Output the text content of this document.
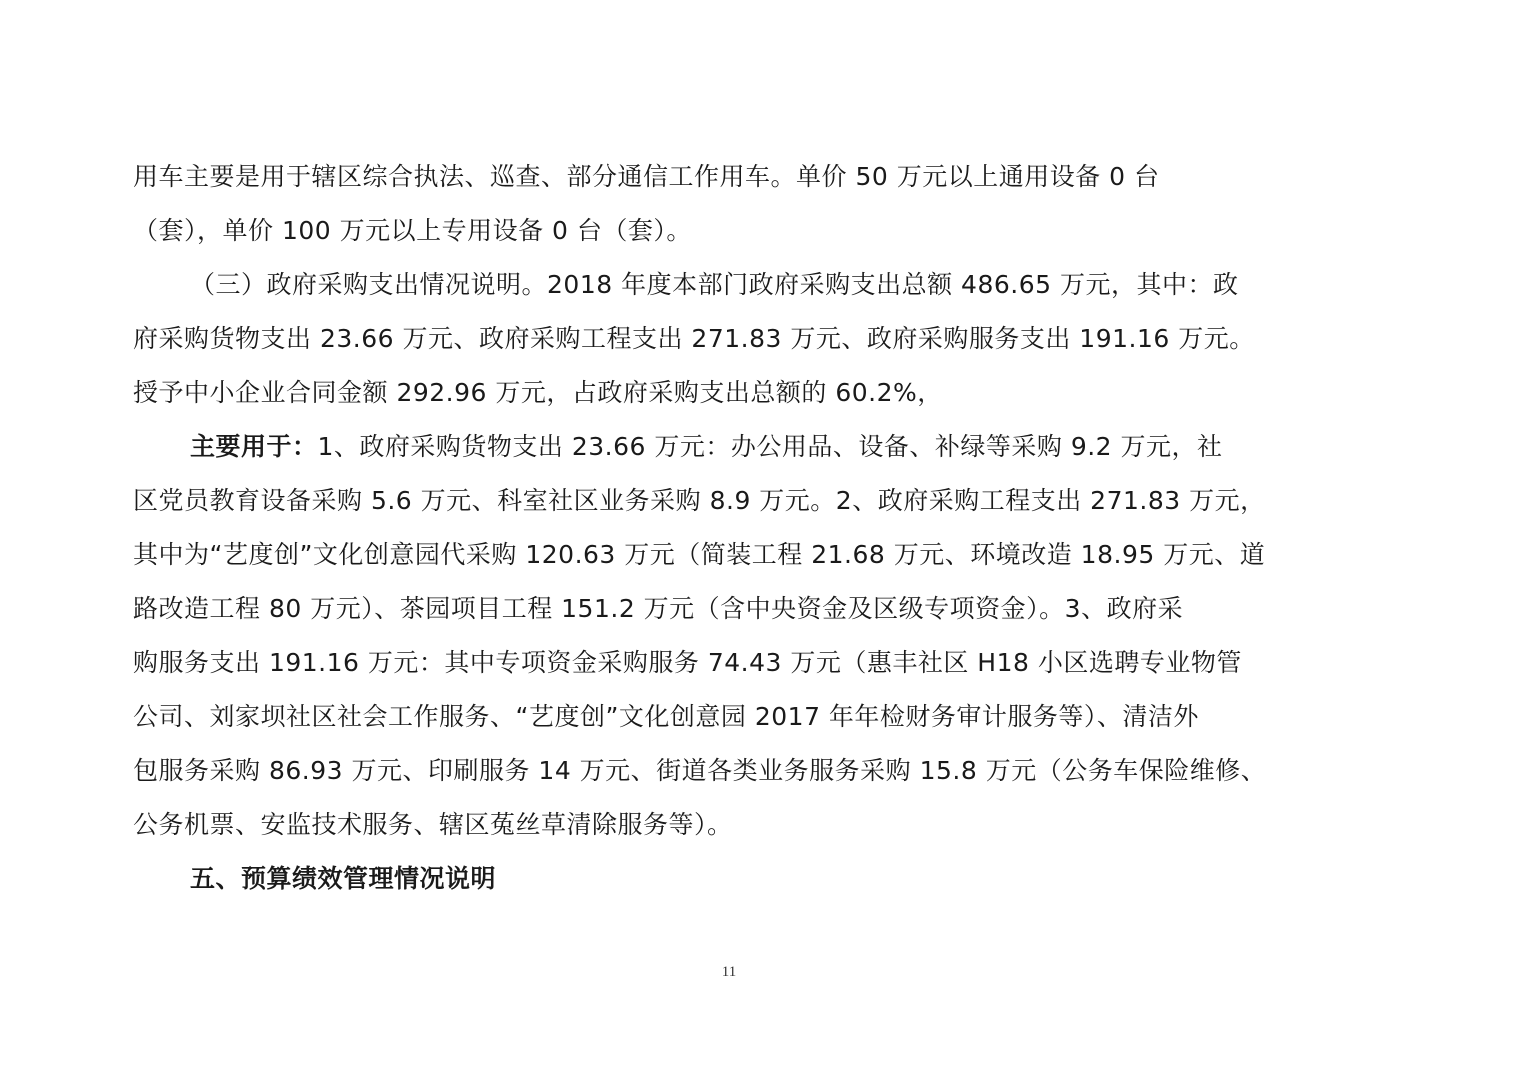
用车主要是用于辖区综合执法、巡查、部分通信工作用车。单价 50 万元以上通用设备 0 台
（套），单价 100 万元以上专用设备 0 台（套）。
（三）政府采购支出情况说明。2018 年度本部门政府采购支出总额 486.65 万元，其中：政
府采购货物支出 23.66 万元、政府采购工程支出 271.83 万元、政府采购服务支出 191.16 万元。
授予中小企业合同金额 292.96 万元，占政府采购支出总额的 60.2%，
主要用于：1、政府采购货物支出 23.66 万元：办公用品、设备、补绿等采购 9.2 万元，社
区党员教育设备采购 5.6 万元、科室社区业务采购 8.9 万元。2、政府采购工程支出 271.83 万元，
其中为“艺度创”文化创意园代采购 120.63 万元（简装工程 21.68 万元、环境改造 18.95 万元、道
路改造工程 80 万元）、茶园项目工程 151.2 万元（含中央资金及区级专项资金）。3、政府采
购服务支出 191.16 万元：其中专项资金采购服务 74.43 万元（惠丰社区 H18 小区选聘专业物管
公司、刘家坝社区社会工作服务、“艺度创”文化创意园 2017 年年检财务审计服务等）、清洁外
包服务采购 86.93 万元、印刷服务 14 万元、街道各类业务服务采购 15.8 万元（公务车保险维修、
公务机票、安监技术服务、辖区菟丝草清除服务等）。
五、预算绩效管理情况说明
11
